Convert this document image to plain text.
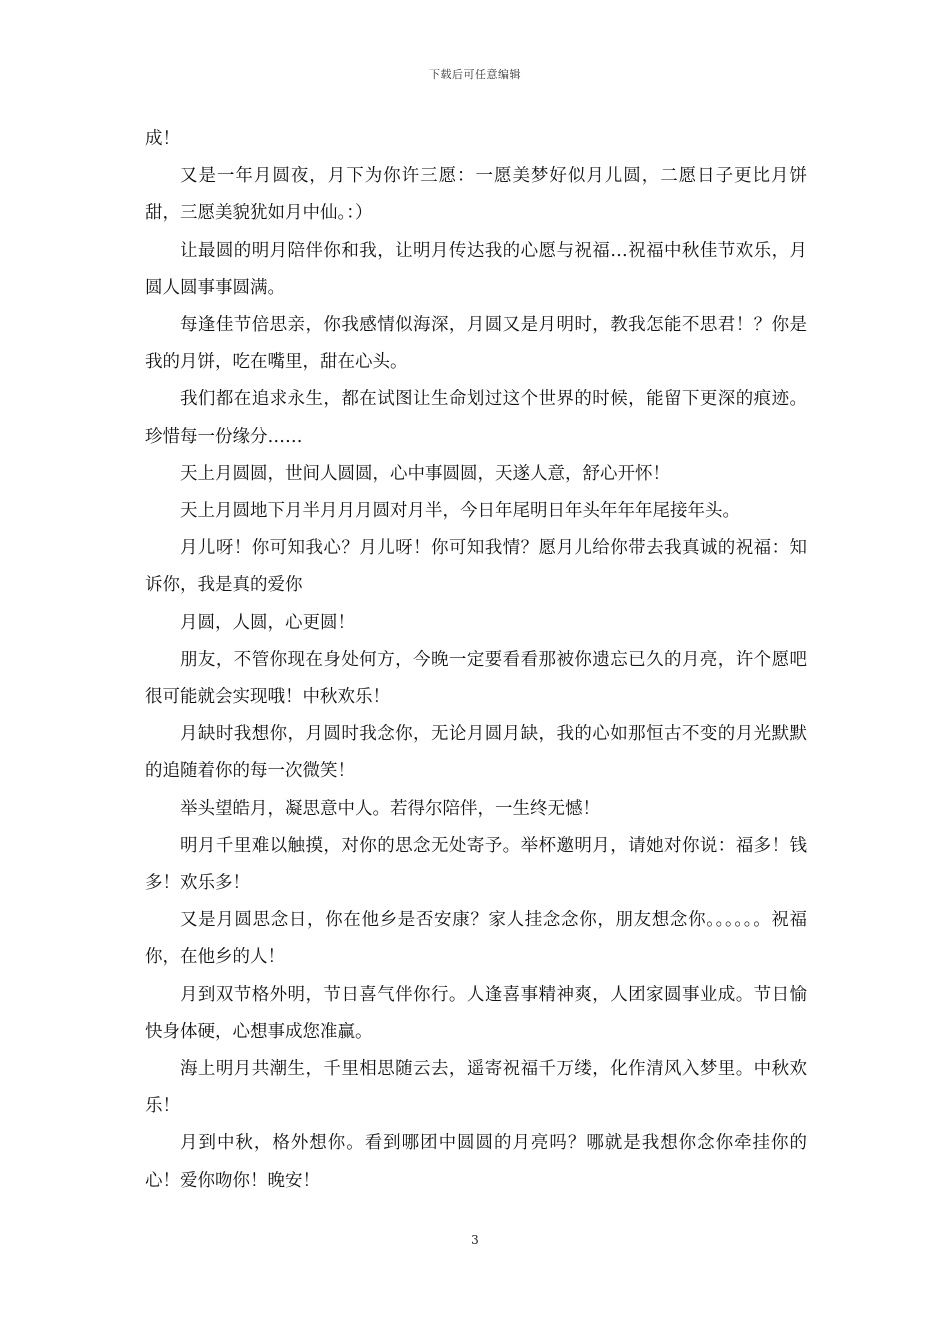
下载后可任意编辑

成！

又是一年月圆夜，月下为你许三愿：一愿美梦好似月儿圆，二愿日子更比月饼甜，三愿美貌犹如月中仙。：）

让最圆的明月陪伴你和我，让明月传达我的心愿与祝福…祝福中秋佳节欢乐，月圆人圆事事圆满。

每逢佳节倍思亲，你我感情似海深，月圆又是月明时，教我怎能不思君！？你是我的月饼，吃在嘴里，甜在心头。

我们都在追求永生，都在试图让生命划过这个世界的时候，能留下更深的痕迹。珍惜每一份缘分……

天上月圆圆，世间人圆圆，心中事圆圆，天遂人意，舒心开怀！

天上月圆地下月半月月月圆对月半，今日年尾明日年头年年年尾接年头。

月儿呀！你可知我心？月儿呀！你可知我情？愿月儿给你带去我真诚的祝福：知诉你，我是真的爱你

月圆，人圆，心更圆！

朋友，不管你现在身处何方，今晚一定要看看那被你遗忘已久的月亮，许个愿吧很可能就会实现哦！中秋欢乐！

月缺时我想你，月圆时我念你，无论月圆月缺，我的心如那恒古不变的月光默默的追随着你的每一次微笑！

举头望皓月，凝思意中人。若得尔陪伴，一生终无憾！

明月千里难以触摸，对你的思念无处寄予。举杯邀明月，请她对你说：福多！钱多！欢乐多！

又是月圆思念日，你在他乡是否安康？家人挂念念你，朋友想念你。。。。。。祝福你，在他乡的人！

月到双节格外明，节日喜气伴你行。人逢喜事精神爽，人团家圆事业成。节日愉快身体硬，心想事成您准赢。

海上明月共潮生，千里相思随云去，遥寄祝福千万缕，化作清风入梦里。中秋欢乐！

月到中秋，格外想你。看到哪团中圆圆的月亮吗？哪就是我想你念你牵挂你的心！爱你吻你！晚安！

3
